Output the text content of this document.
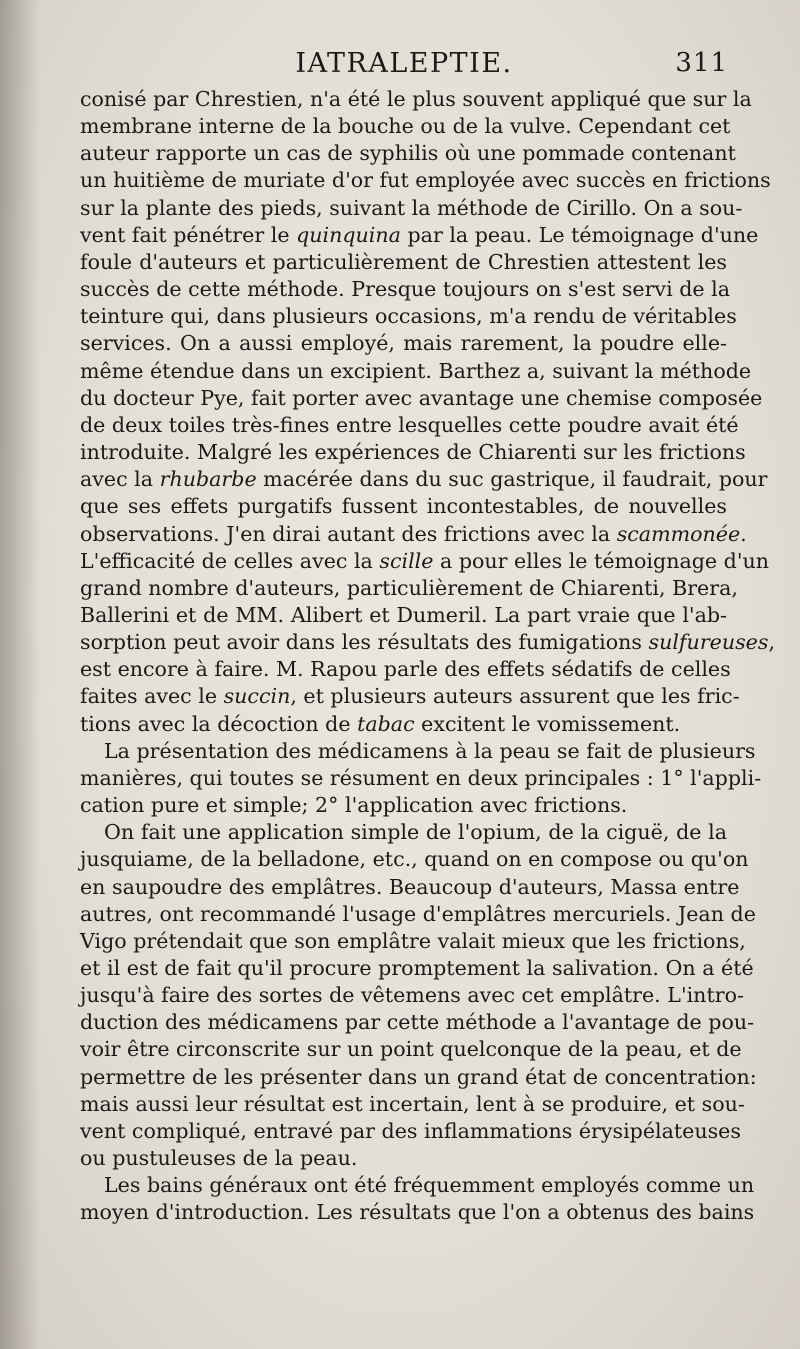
IATRALEPTIE.	311
conisé par Chrestien, n'a été le plus souvent appliqué que sur la
membrane interne de la bouche ou de la vulve. Cependant cet
auteur rapporte un cas de syphilis où une pommade contenant
un huitième de muriate d'or fut employée avec succès en frictions
sur la plante des pieds, suivant la méthode de Cirillo. On a sou-
vent fait pénétrer le quinquina par la peau. Le témoignage d'une
foule d'auteurs et particulièrement de Chrestien attestent les
succès de cette méthode. Presque toujours on s'est servi de la
teinture qui, dans plusieurs occasions, m'a rendu de véritables
services. On a aussi employé, mais rarement, la poudre elle-
même étendue dans un excipient. Barthez a, suivant la méthode
du docteur Pye, fait porter avec avantage une chemise composée
de deux toiles très-fines entre lesquelles cette poudre avait été
introduite. Malgré les expériences de Chiarenti sur les frictions
avec la rhubarbe macérée dans du suc gastrique, il faudrait, pour
que ses effets purgatifs fussent incontestables, de nouvelles
observations. J'en dirai autant des frictions avec la scammonée.
L'efficacité de celles avec la scille a pour elles le témoignage d'un
grand nombre d'auteurs, particulièrement de Chiarenti, Brera,
Ballerini et de MM. Alibert et Dumeril. La part vraie que l'ab-
sorption peut avoir dans les résultats des fumigations sulfureuses,
est encore à faire. M. Rapou parle des effets sédatifs de celles
faites avec le succin, et plusieurs auteurs assurent que les fric-
tions avec la décoction de tabac excitent le vomissement.
La présentation des médicamens à la peau se fait de plusieurs
manières, qui toutes se résument en deux principales : 1° l'appli-
cation pure et simple; 2° l'application avec frictions.
On fait une application simple de l'opium, de la ciguë, de la
jusquiame, de la belladone, etc., quand on en compose ou qu'on
en saupoudre des emplâtres. Beaucoup d'auteurs, Massa entre
autres, ont recommandé l'usage d'emplâtres mercuriels. Jean de
Vigo prétendait que son emplâtre valait mieux que les frictions,
et il est de fait qu'il procure promptement la salivation. On a été
jusqu'à faire des sortes de vêtemens avec cet emplâtre. L'intro-
duction des médicamens par cette méthode a l'avantage de pou-
voir être circonscrite sur un point quelconque de la peau, et de
permettre de les présenter dans un grand état de concentration:
mais aussi leur résultat est incertain, lent à se produire, et sou-
vent compliqué, entravé par des inflammations érysipélateuses
ou pustuleuses de la peau.
Les bains généraux ont été fréquemment employés comme un
moyen d'introduction. Les résultats que l'on a obtenus des bains
